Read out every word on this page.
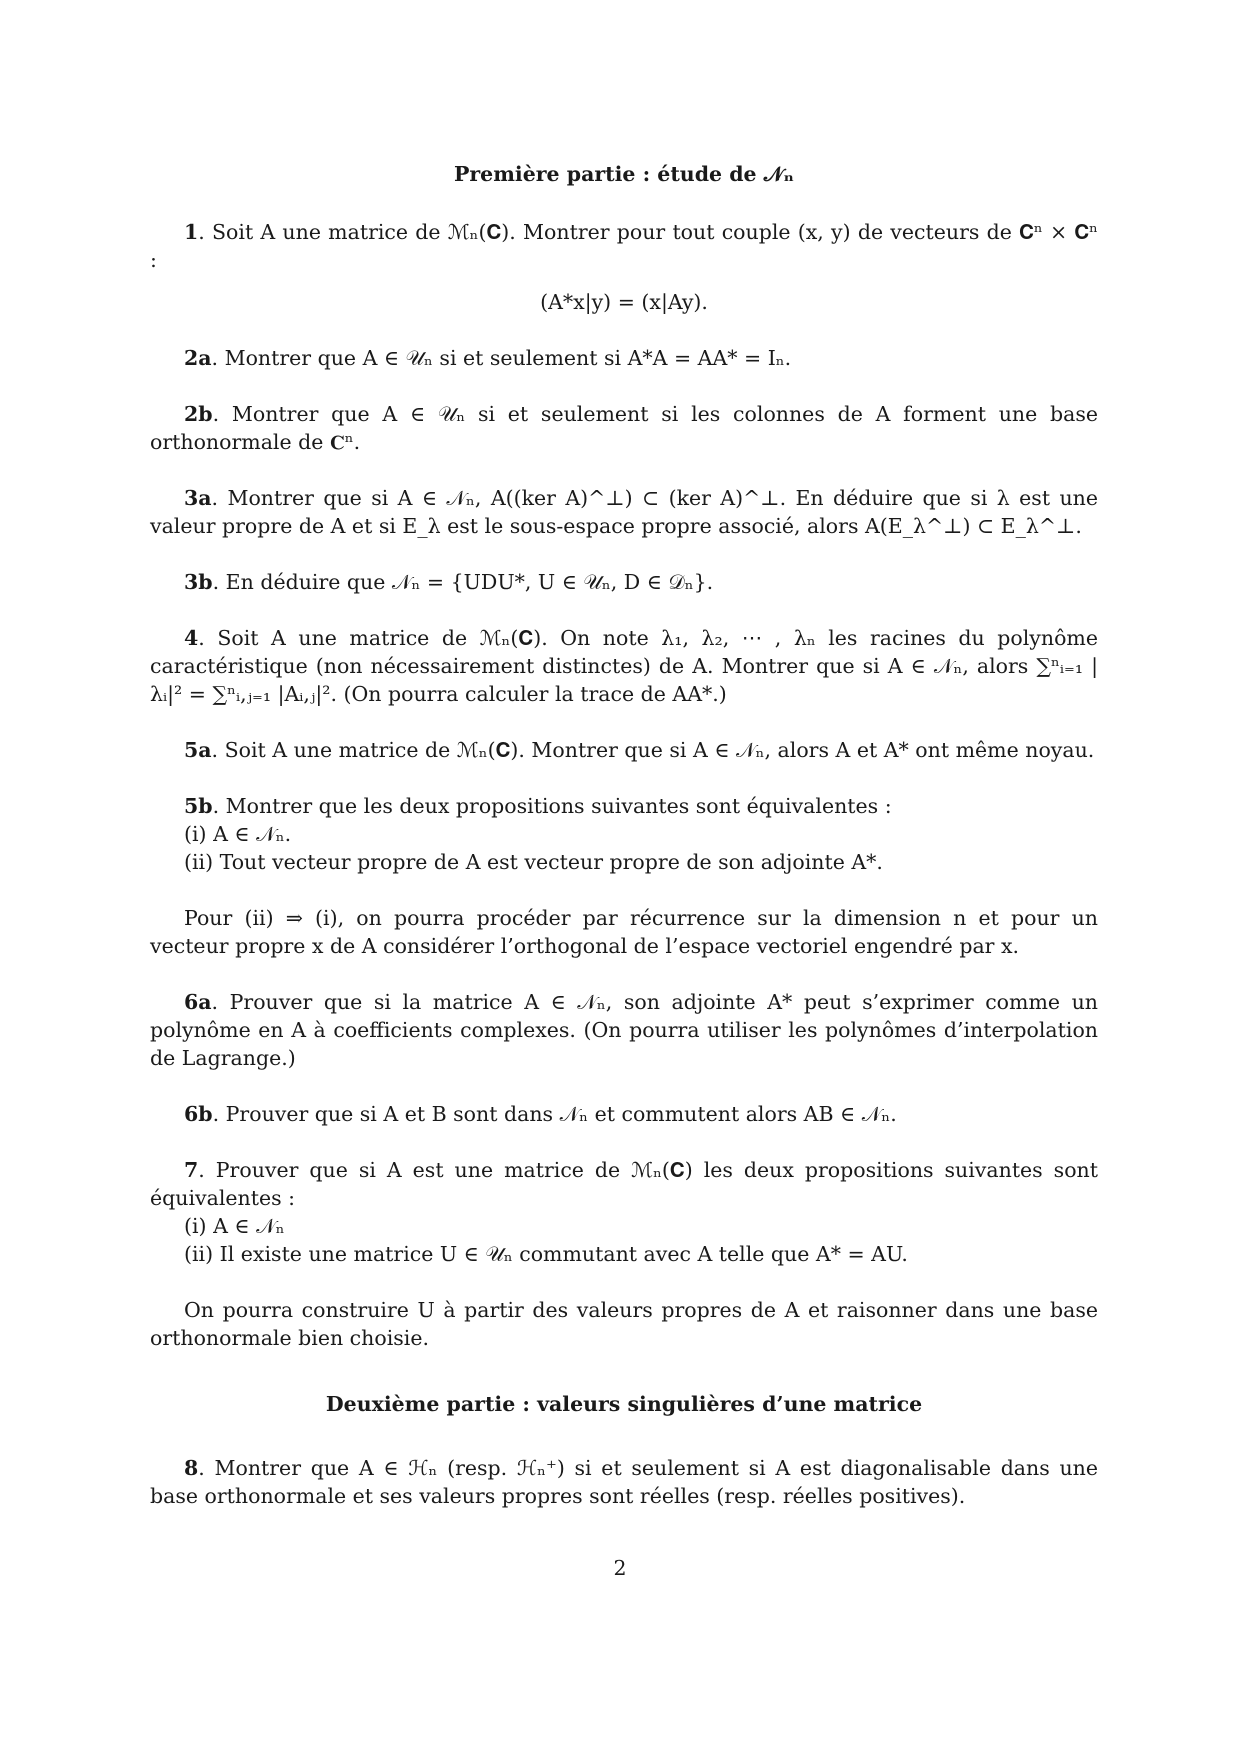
Première partie : étude de 𝒩ₙ

1. Soit A une matrice de ℳₙ(𝐂). Montrer pour tout couple (x, y) de vecteurs de 𝐂ⁿ × 𝐂ⁿ :

(A*x|y) = (x|Ay).

2a. Montrer que A ∈ 𝒰ₙ si et seulement si A*A = AA* = Iₙ.

2b. Montrer que A ∈ 𝒰ₙ si et seulement si les colonnes de A forment une base orthonormale de 𝐂ⁿ.

3a. Montrer que si A ∈ 𝒩ₙ, A((ker A)^⊥) ⊂ (ker A)^⊥. En déduire que si λ est une valeur propre de A et si E_λ est le sous-espace propre associé, alors A(E_λ^⊥) ⊂ E_λ^⊥.

3b. En déduire que 𝒩ₙ = {UDU*, U ∈ 𝒰ₙ, D ∈ 𝒟ₙ}.

4. Soit A une matrice de ℳₙ(𝐂). On note λ₁, λ₂, ⋯ , λₙ les racines du polynôme caractéristique (non nécessairement distinctes) de A. Montrer que si A ∈ 𝒩ₙ, alors ∑ⁿᵢ₌₁ |λᵢ|² = ∑ⁿᵢ,ⱼ₌₁ |Aᵢ,ⱼ|². (On pourra calculer la trace de AA*.)

5a. Soit A une matrice de ℳₙ(𝐂). Montrer que si A ∈ 𝒩ₙ, alors A et A* ont même noyau.

5b. Montrer que les deux propositions suivantes sont équivalentes :

(i) A ∈ 𝒩ₙ.
(ii) Tout vecteur propre de A est vecteur propre de son adjointe A*.

Pour (ii) ⇒ (i), on pourra procéder par récurrence sur la dimension n et pour un vecteur propre x de A considérer l’orthogonal de l’espace vectoriel engendré par x.

6a. Prouver que si la matrice A ∈ 𝒩ₙ, son adjointe A* peut s’exprimer comme un polynôme en A à coefficients complexes. (On pourra utiliser les polynômes d’interpolation de Lagrange.)

6b. Prouver que si A et B sont dans 𝒩ₙ et commutent alors AB ∈ 𝒩ₙ.

7. Prouver que si A est une matrice de ℳₙ(𝐂) les deux propositions suivantes sont équivalentes :

(i) A ∈ 𝒩ₙ
(ii) Il existe une matrice U ∈ 𝒰ₙ commutant avec A telle que A* = AU.

On pourra construire U à partir des valeurs propres de A et raisonner dans une base orthonormale bien choisie.

Deuxième partie : valeurs singulières d’une matrice

8. Montrer que A ∈ ℋₙ (resp. ℋₙ⁺) si et seulement si A est diagonalisable dans une base orthonormale et ses valeurs propres sont réelles (resp. réelles positives).

2
